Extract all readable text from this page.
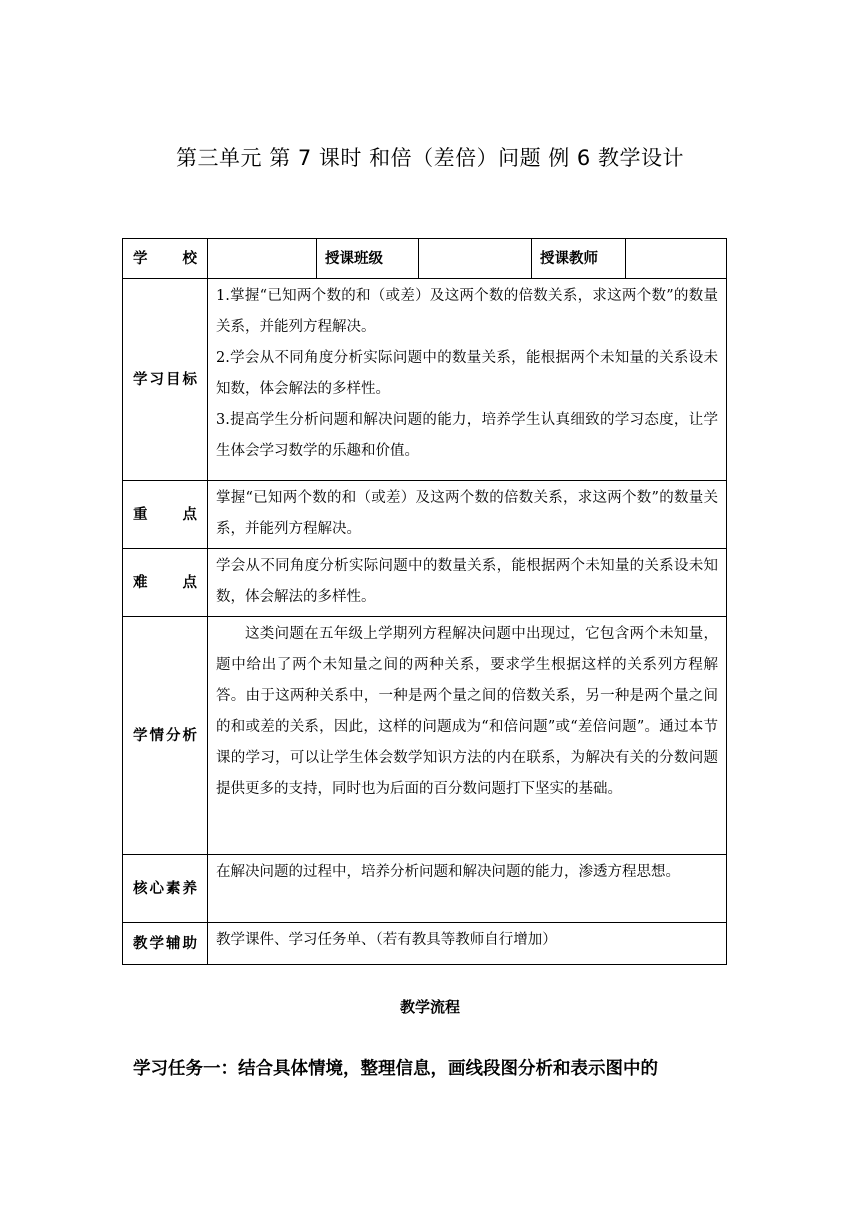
第三单元 第 7 课时 和倍（差倍）问题 例 6 教学设计
学　　校		授课班级		授课教师	
学习目标	1.掌握“已知两个数的和（或差）及这两个数的倍数关系，求这两个数”的数量关系，并能列方程解决。

2.学会从不同角度分析实际问题中的数量关系，能根据两个未知量的关系设未知数，体会解法的多样性。

3.提高学生分析问题和解决问题的能力，培养学生认真细致的学习态度，让学生体会学习数学的乐趣和价值。				

重　　点	掌握“已知两个数的和（或差）及这两个数的倍数关系，求这两个数”的数量关系，并能列方程解决。				

难　　点	学会从不同角度分析实际问题中的数量关系，能根据两个未知量的关系设未知数，体会解法的多样性。				

学情分析	这类问题在五年级上学期列方程解决问题中出现过，它包含两个未知量，题中给出了两个未知量之间的两种关系，要求学生根据这样的关系列方程解答。由于这两种关系中，一种是两个量之间的倍数关系，另一种是两个量之间的和或差的关系，因此，这样的问题成为“和倍问题”或“差倍问题”。通过本节课的学习，可以让学生体会数学知识方法的内在联系，为解决有关的分数问题提供更多的支持，同时也为后面的百分数问题打下坚实的基础。				

核心素养	在解决问题的过程中，培养分析问题和解决问题的能力，渗透方程思想。				

教学辅助	教学课件、学习任务单、（若有教具等教师自行增加）				

教学流程
学习任务一：结合具体情境，整理信息，画线段图分析和表示图中的
